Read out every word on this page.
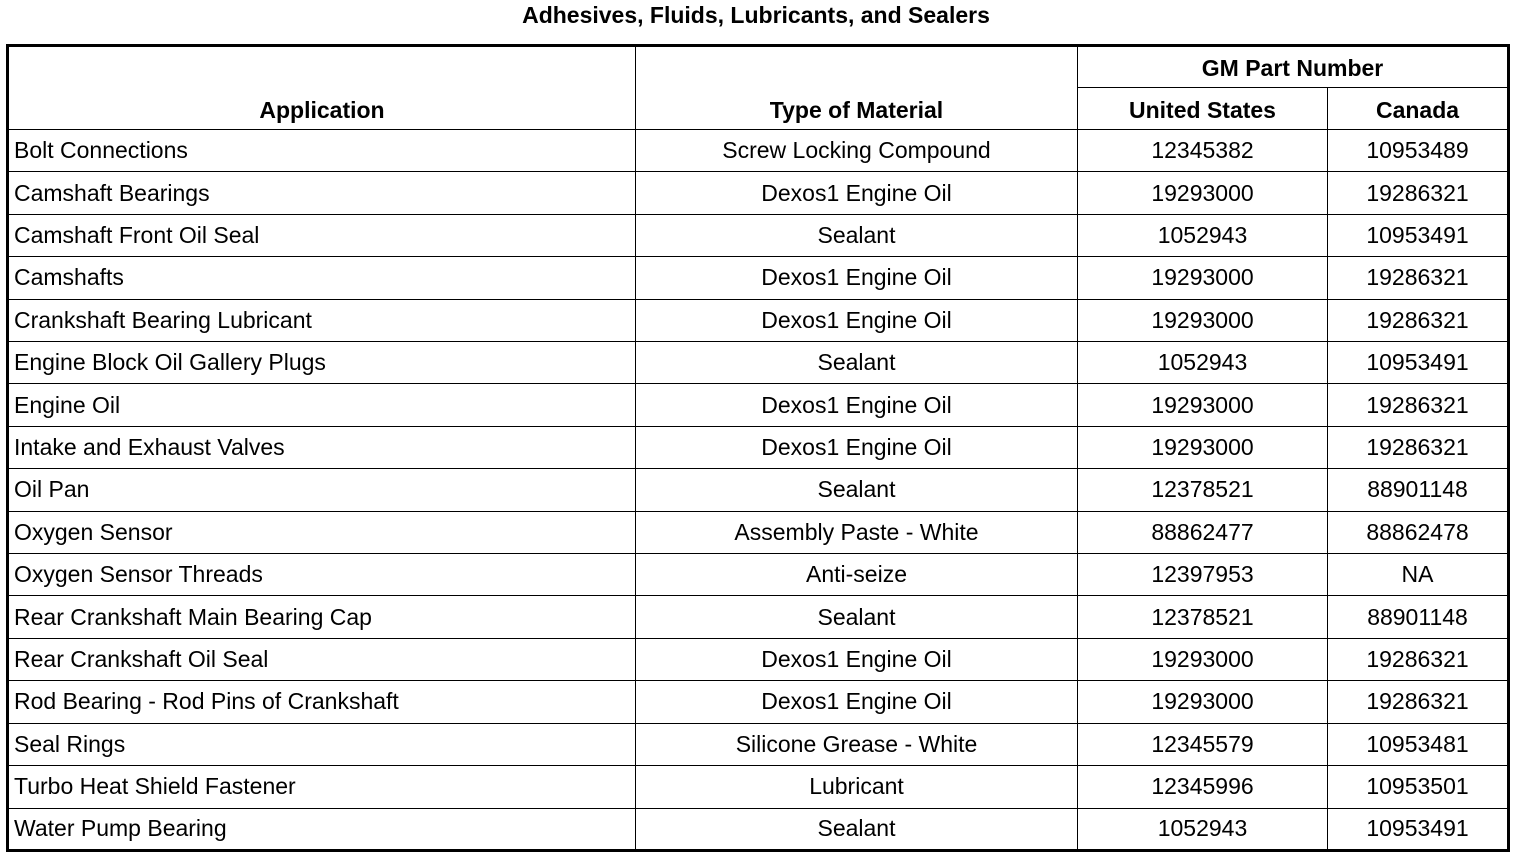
Adhesives, Fluids, Lubricants, and Sealers
Application	Type of Material	GM Part Number	
		United States	Canada
Bolt Connections	Screw Locking Compound	12345382	10953489
Camshaft Bearings	Dexos1 Engine Oil	19293000	19286321
Camshaft Front Oil Seal	Sealant	1052943	10953491
Camshafts	Dexos1 Engine Oil	19293000	19286321
Crankshaft Bearing Lubricant	Dexos1 Engine Oil	19293000	19286321
Engine Block Oil Gallery Plugs	Sealant	1052943	10953491
Engine Oil	Dexos1 Engine Oil	19293000	19286321
Intake and Exhaust Valves	Dexos1 Engine Oil	19293000	19286321
Oil Pan	Sealant	12378521	88901148
Oxygen Sensor	Assembly Paste - White	88862477	88862478
Oxygen Sensor Threads	Anti-seize	12397953	NA
Rear Crankshaft Main Bearing Cap	Sealant	12378521	88901148
Rear Crankshaft Oil Seal	Dexos1 Engine Oil	19293000	19286321
Rod Bearing - Rod Pins of Crankshaft	Dexos1 Engine Oil	19293000	19286321
Seal Rings	Silicone Grease - White	12345579	10953481
Turbo Heat Shield Fastener	Lubricant	12345996	10953501
Water Pump Bearing	Sealant	1052943	10953491
